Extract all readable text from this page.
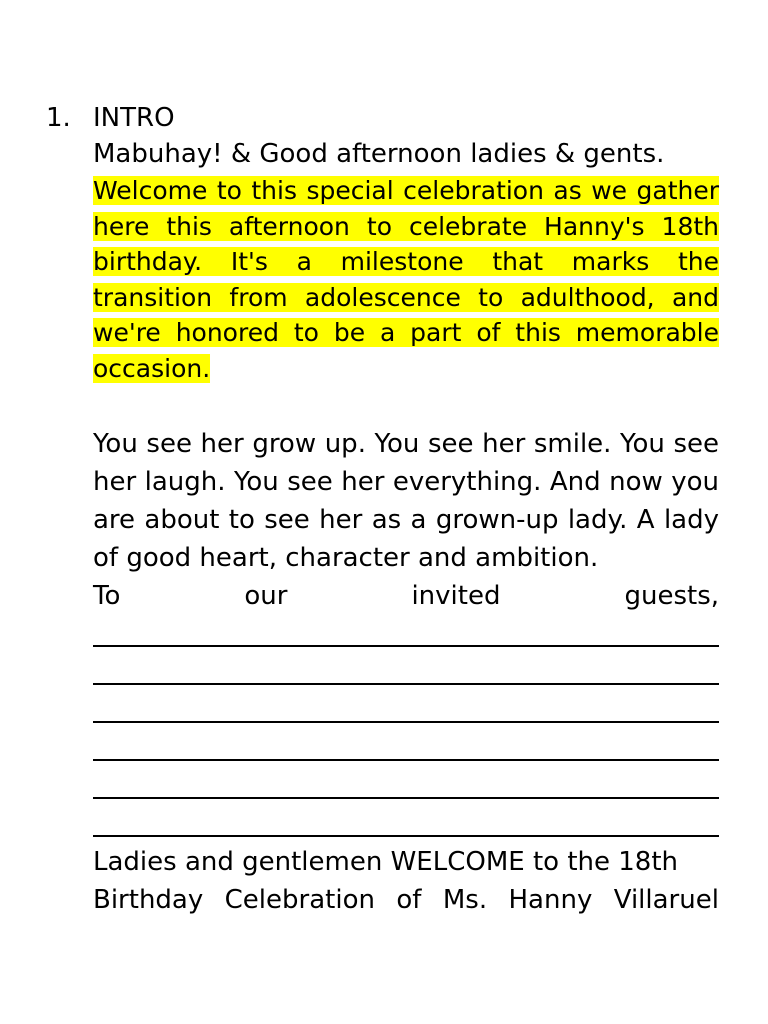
1. INTRO
Mabuhay! & Good afternoon ladies & gents.
Welcome to this special celebration as we gather here this afternoon to celebrate Hanny's 18th birthday. It's a milestone that marks the transition from adolescence to adulthood, and we're honored to be a part of this memorable occasion.
You see her grow up. You see her smile. You see her laugh. You see her everything. And now you are about to see her as a grown-up lady. A lady of good heart, character and ambition.
To	our	invited	guests,
Ladies and gentlemen WELCOME to the 18th
Birthday Celebration of Ms. Hanny Villaruel
